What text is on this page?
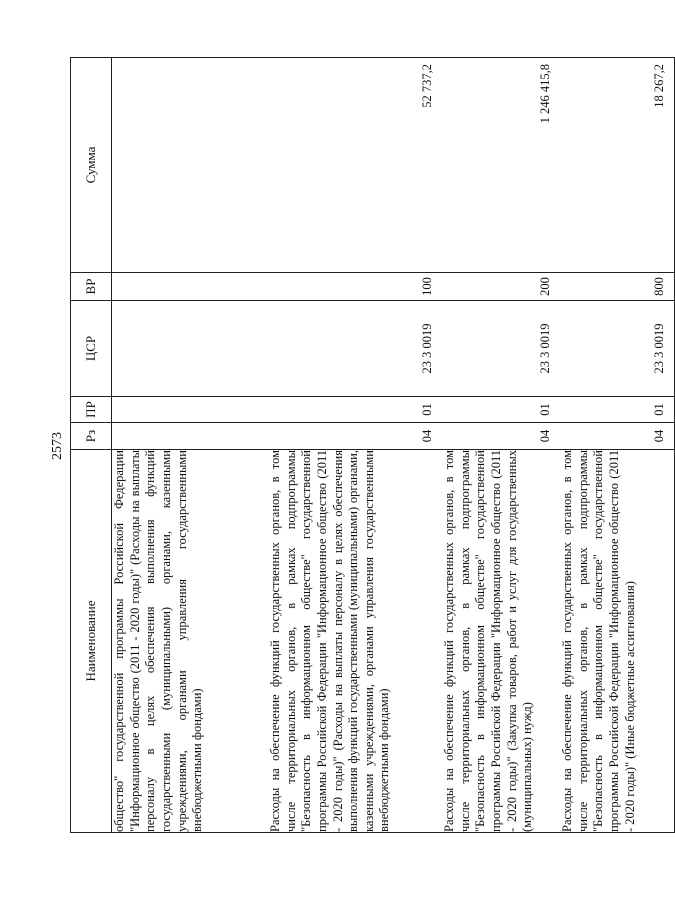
2573
Наименование	Рз	ПР	ЦСР	ВР	Сумма
общество" государственной программы Российской Федерации "Информационное общество (2011 - 2020 годы)" (Расходы на выплаты персоналу в целях обеспечения выполнения функций государственными (муниципальными) органами, казенными учреждениями, органами управления государственными внебюджетными фондами)					
Расходы на обеспечение функций государственных органов, в том числе территориальных органов, в рамках подпрограммы "Безопасность в информационном обществе" государственной программы Российской Федерации "Информационное общество (2011 - 2020 годы)" (Расходы на выплаты персоналу в целях обеспечения выполнения функций государственными (муниципальными) органами, казенными учреждениями, органами управления государственными внебюджетными фондами)	04	01	23 3 0019	100	52 737,2
Расходы на обеспечение функций государственных органов, в том числе территориальных органов, в рамках подпрограммы "Безопасность в информационном обществе" государственной программы Российской Федерации "Информационное общество (2011 - 2020 годы)" (Закупка товаров, работ и услуг для государственных (муниципальных) нужд)	04	01	23 3 0019	200	1 246 415,8
Расходы на обеспечение функций государственных органов, в том числе территориальных органов, в рамках подпрограммы "Безопасность в информационном обществе" государственной программы Российской Федерации "Информационное общество (2011 - 2020 годы)" (Иные бюджетные ассигнования)	04	01	23 3 0019	800	18 267,2
